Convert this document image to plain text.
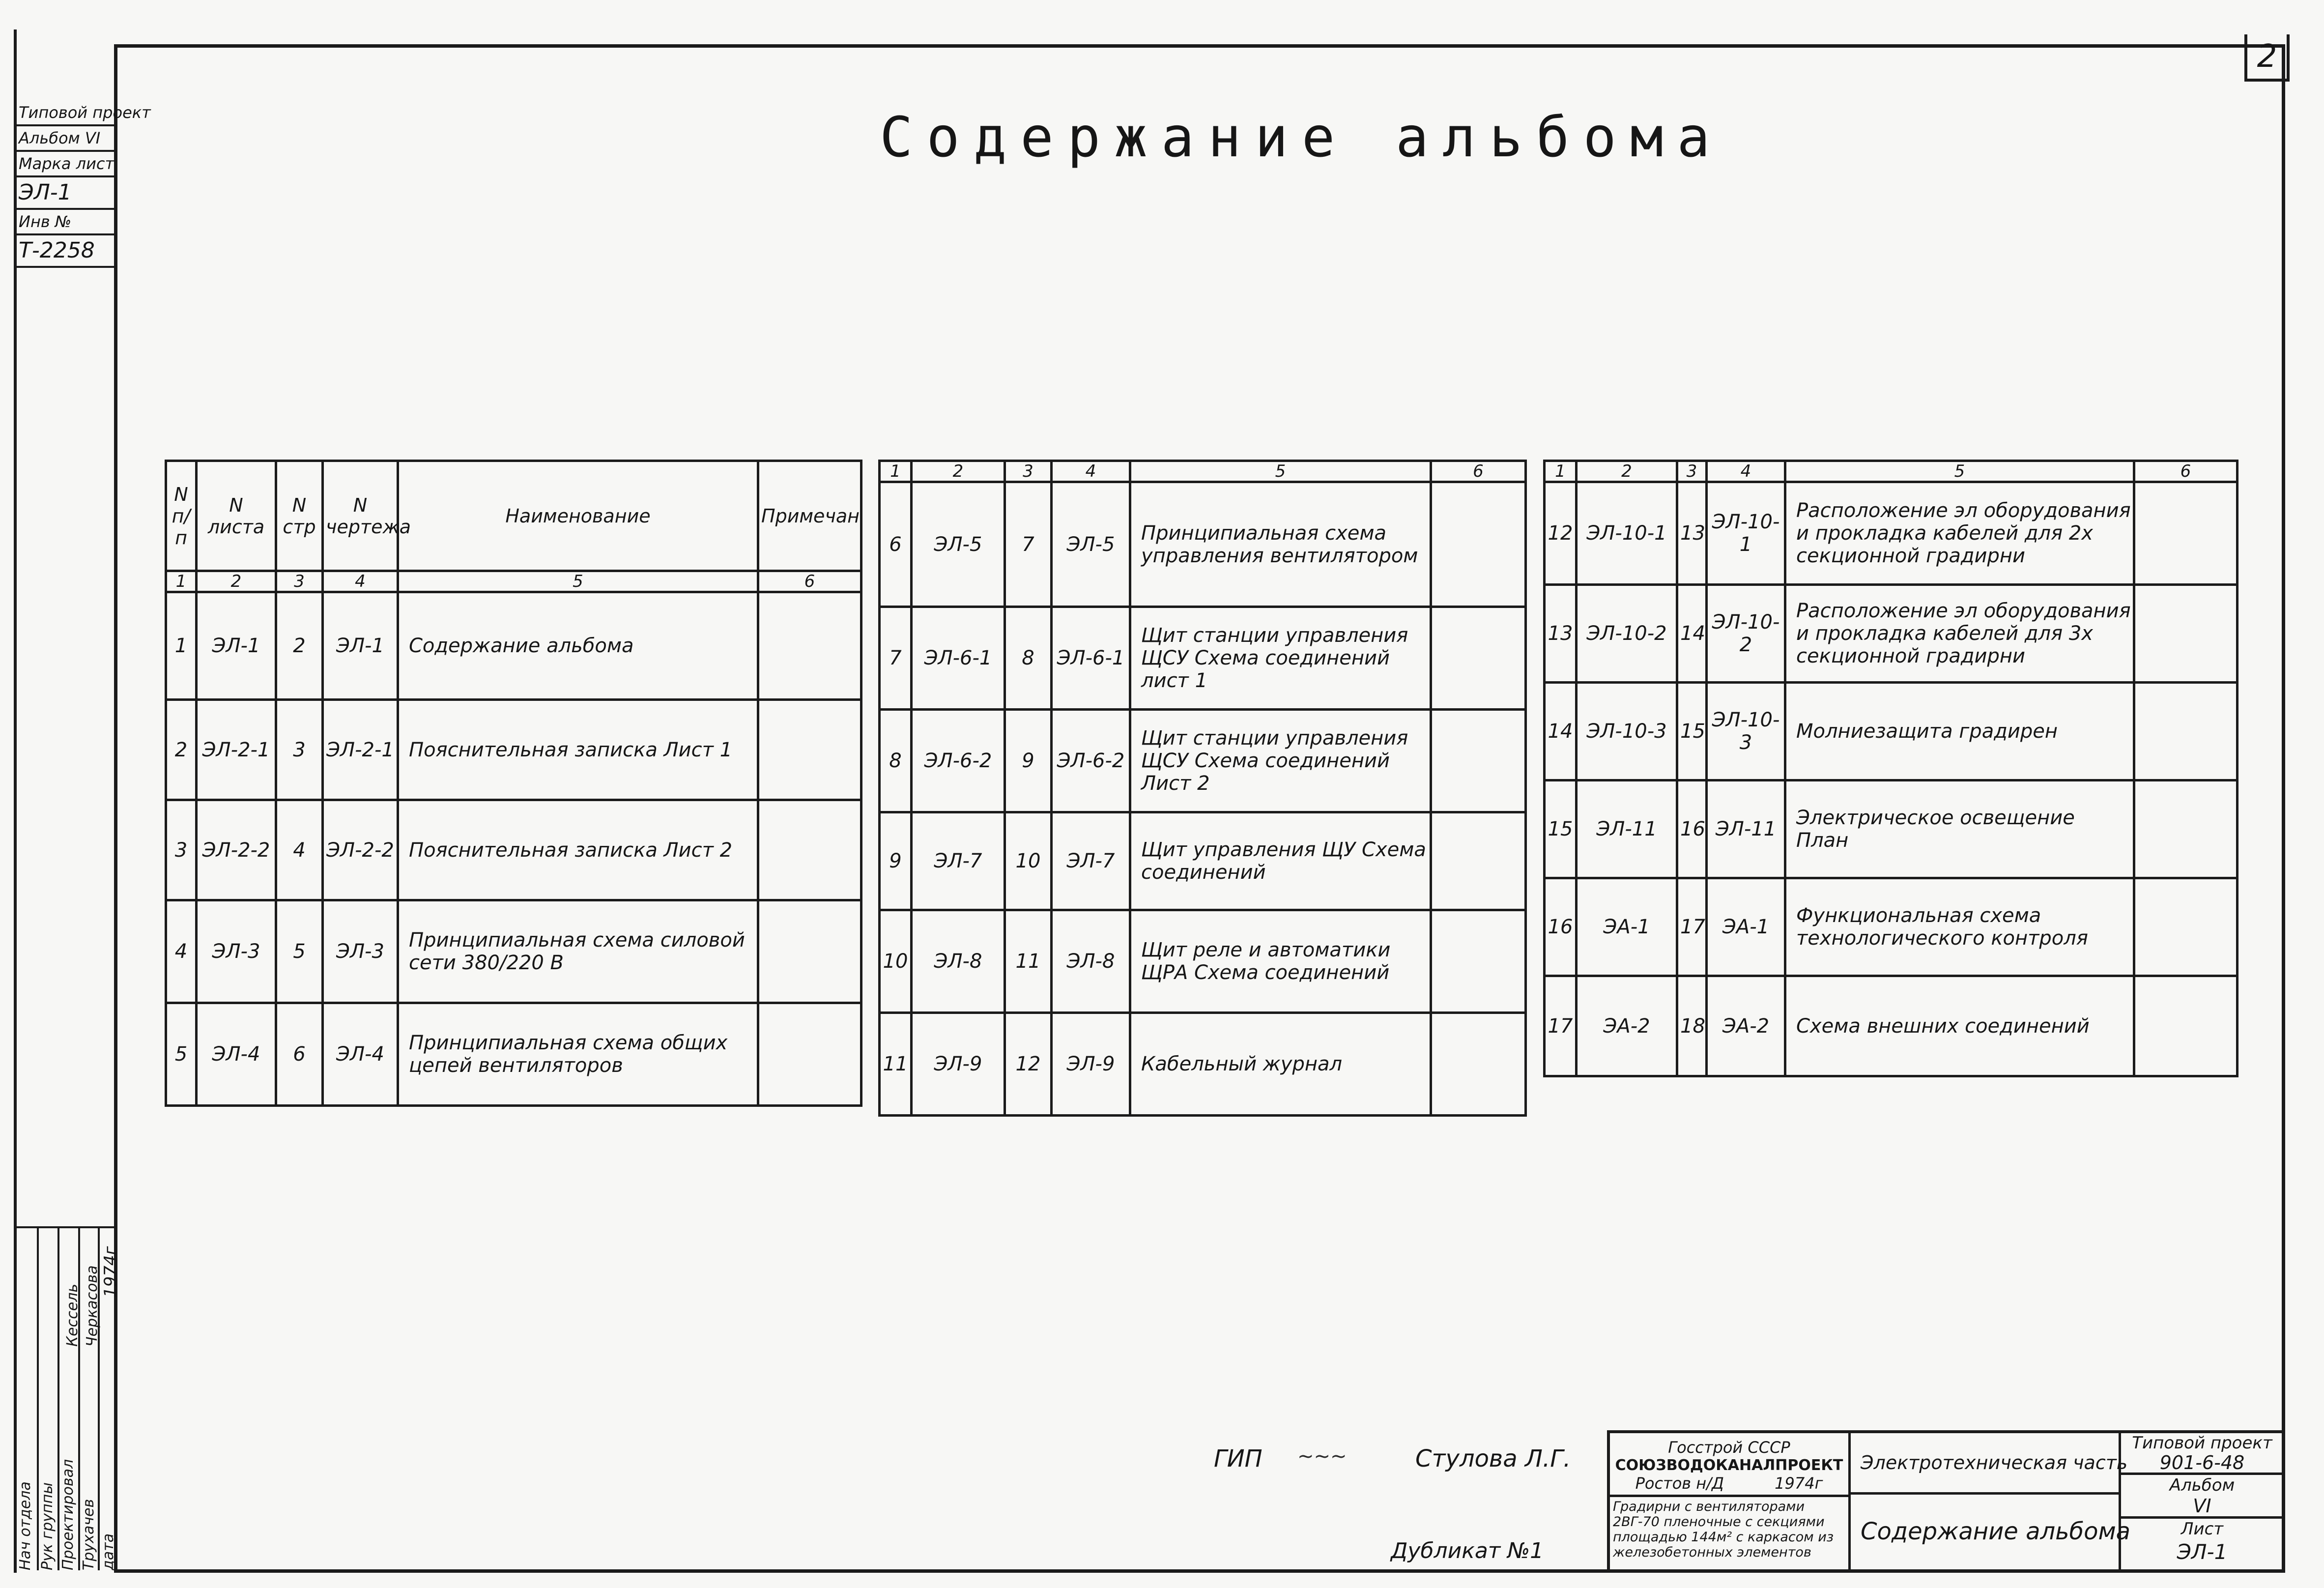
2
Содержание альбома
Типовой проект
Альбом VI
Марка лист
ЭЛ-1
Инв №
Т-2258
N п/п	N листа	N стр	N чертежа	Наименование	Примечан
1	2	3	4	5	6
1	ЭЛ-1	2	ЭЛ-1	Содержание альбома	
2	ЭЛ-2-1	3	ЭЛ-2-1	Пояснительная записка Лист 1	
3	ЭЛ-2-2	4	ЭЛ-2-2	Пояснительная записка Лист 2	
4	ЭЛ-3	5	ЭЛ-3	Принципиальная схема силовой сети 380/220 В	
5	ЭЛ-4	6	ЭЛ-4	Принципиальная схема общих цепей вентиляторов	
1	2	3	4	5	6
6	ЭЛ-5	7	ЭЛ-5	Принципиальная схема управления вентилятором	
7	ЭЛ-6-1	8	ЭЛ-6-1	Щит станции управления ЩСУ Схема соединений лист 1	
8	ЭЛ-6-2	9	ЭЛ-6-2	Щит станции управления ЩСУ Схема соединений Лист 2	
9	ЭЛ-7	10	ЭЛ-7	Щит управления ЩУ Схема соединений	
10	ЭЛ-8	11	ЭЛ-8	Щит реле и автоматики ЩРА Схема соединений	
11	ЭЛ-9	12	ЭЛ-9	Кабельный журнал	
1	2	3	4	5	6
12	ЭЛ-10-1	13	ЭЛ-10-1	Расположение эл оборудования и прокладка кабелей для 2х секционной градирни	
13	ЭЛ-10-2	14	ЭЛ-10-2	Расположение эл оборудования и прокладка кабелей для 3х секционной градирни	
14	ЭЛ-10-3	15	ЭЛ-10-3	Молниезащита градирен	
15	ЭЛ-11	16	ЭЛ-11	Электрическое освещение План	
16	ЭА-1	17	ЭА-1	Функциональная схема технологического контроля	
17	ЭА-2	18	ЭА-2	Схема внешних соединений	
Нач отдела Рук группы Проектировал Трухачев дата
1974г
Кессель Черкасова
ГИП ~~~	Стулова Л.Г.
Дубликат №1
Госстрой СССР
СОЮЗВОДОКАНАЛПРОЕКТ
Ростов н/Д	1974г
Градирни с вентиляторами 2ВГ-70 пленочные с секциями площадью 144м² с каркасом из железобетонных элементов
Электротехническая часть
Содержание альбома
Типовой проект
901-6-48
Альбом
VI
Лист
ЭЛ-1
